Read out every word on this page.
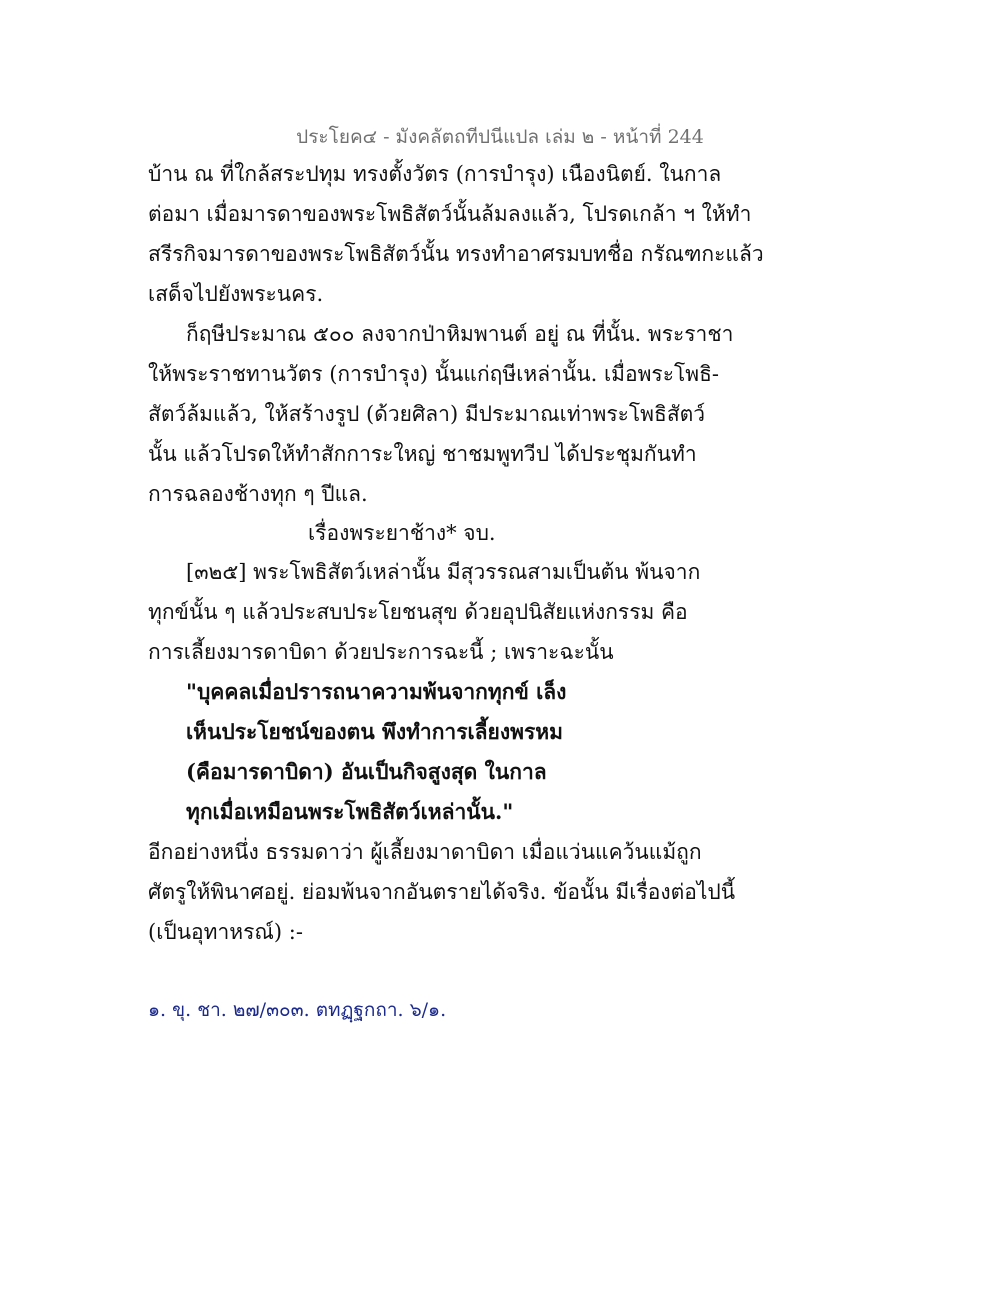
ประโยค๔ - มังคลัตถทีปนีแปล เล่ม ๒ - หน้าที่ 244
บ้าน ณ ที่ใกล้สระปทุม ทรงตั้งวัตร (การบำรุง) เนืองนิตย์. ในกาล
ต่อมา เมื่อมารดาของพระโพธิสัตว์นั้นล้มลงแล้ว, โปรดเกล้า ฯ ให้ทำ
สรีรกิจมารดาของพระโพธิสัตว์นั้น ทรงทำอาศรมบทชื่อ กรัณฑกะแล้ว
เสด็จไปยังพระนคร.
ก็ฤษีประมาณ ๕๐๐ ลงจากป่าหิมพานต์ อยู่ ณ ที่นั้น. พระราชา
ให้พระราชทานวัตร (การบำรุง) นั้นแก่ฤษีเหล่านั้น. เมื่อพระโพธิ-
สัตว์ล้มแล้ว, ให้สร้างรูป (ด้วยศิลา) มีประมาณเท่าพระโพธิสัตว์
นั้น แล้วโปรดให้ทำสักการะใหญ่ ชาชมพูทวีป ได้ประชุมกันทำ
การฉลองช้างทุก ๆ ปีแล.
เรื่องพระยาช้าง* จบ.
[๓๒๕] พระโพธิสัตว์เหล่านั้น มีสุวรรณสามเป็นต้น พ้นจาก
ทุกข์นั้น ๆ แล้วประสบประโยชนสุข ด้วยอุปนิสัยแห่งกรรม คือ
การเลี้ยงมารดาบิดา ด้วยประการฉะนี้ ; เพราะฉะนั้น
"บุคคลเมื่อปรารถนาความพ้นจากทุกข์ เล็ง
เห็นประโยชน์ของตน พึงทำการเลี้ยงพรหม
(คือมารดาบิดา) อันเป็นกิจสูงสุด ในกาล
ทุกเมื่อเหมือนพระโพธิสัตว์เหล่านั้น."
อีกอย่างหนึ่ง ธรรมดาว่า ผู้เลี้ยงมาดาบิดา เมื่อแว่นแคว้นแม้ถูก
ศัตรูให้พินาศอยู่. ย่อมพ้นจากอันตรายได้จริง. ข้อนั้น มีเรื่องต่อไปนี้
(เป็นอุทาหรณ์) :-
๑. ขุ. ชา. ๒๗/๓๐๓. ตทฏฺฐกถา. ๖/๑.
